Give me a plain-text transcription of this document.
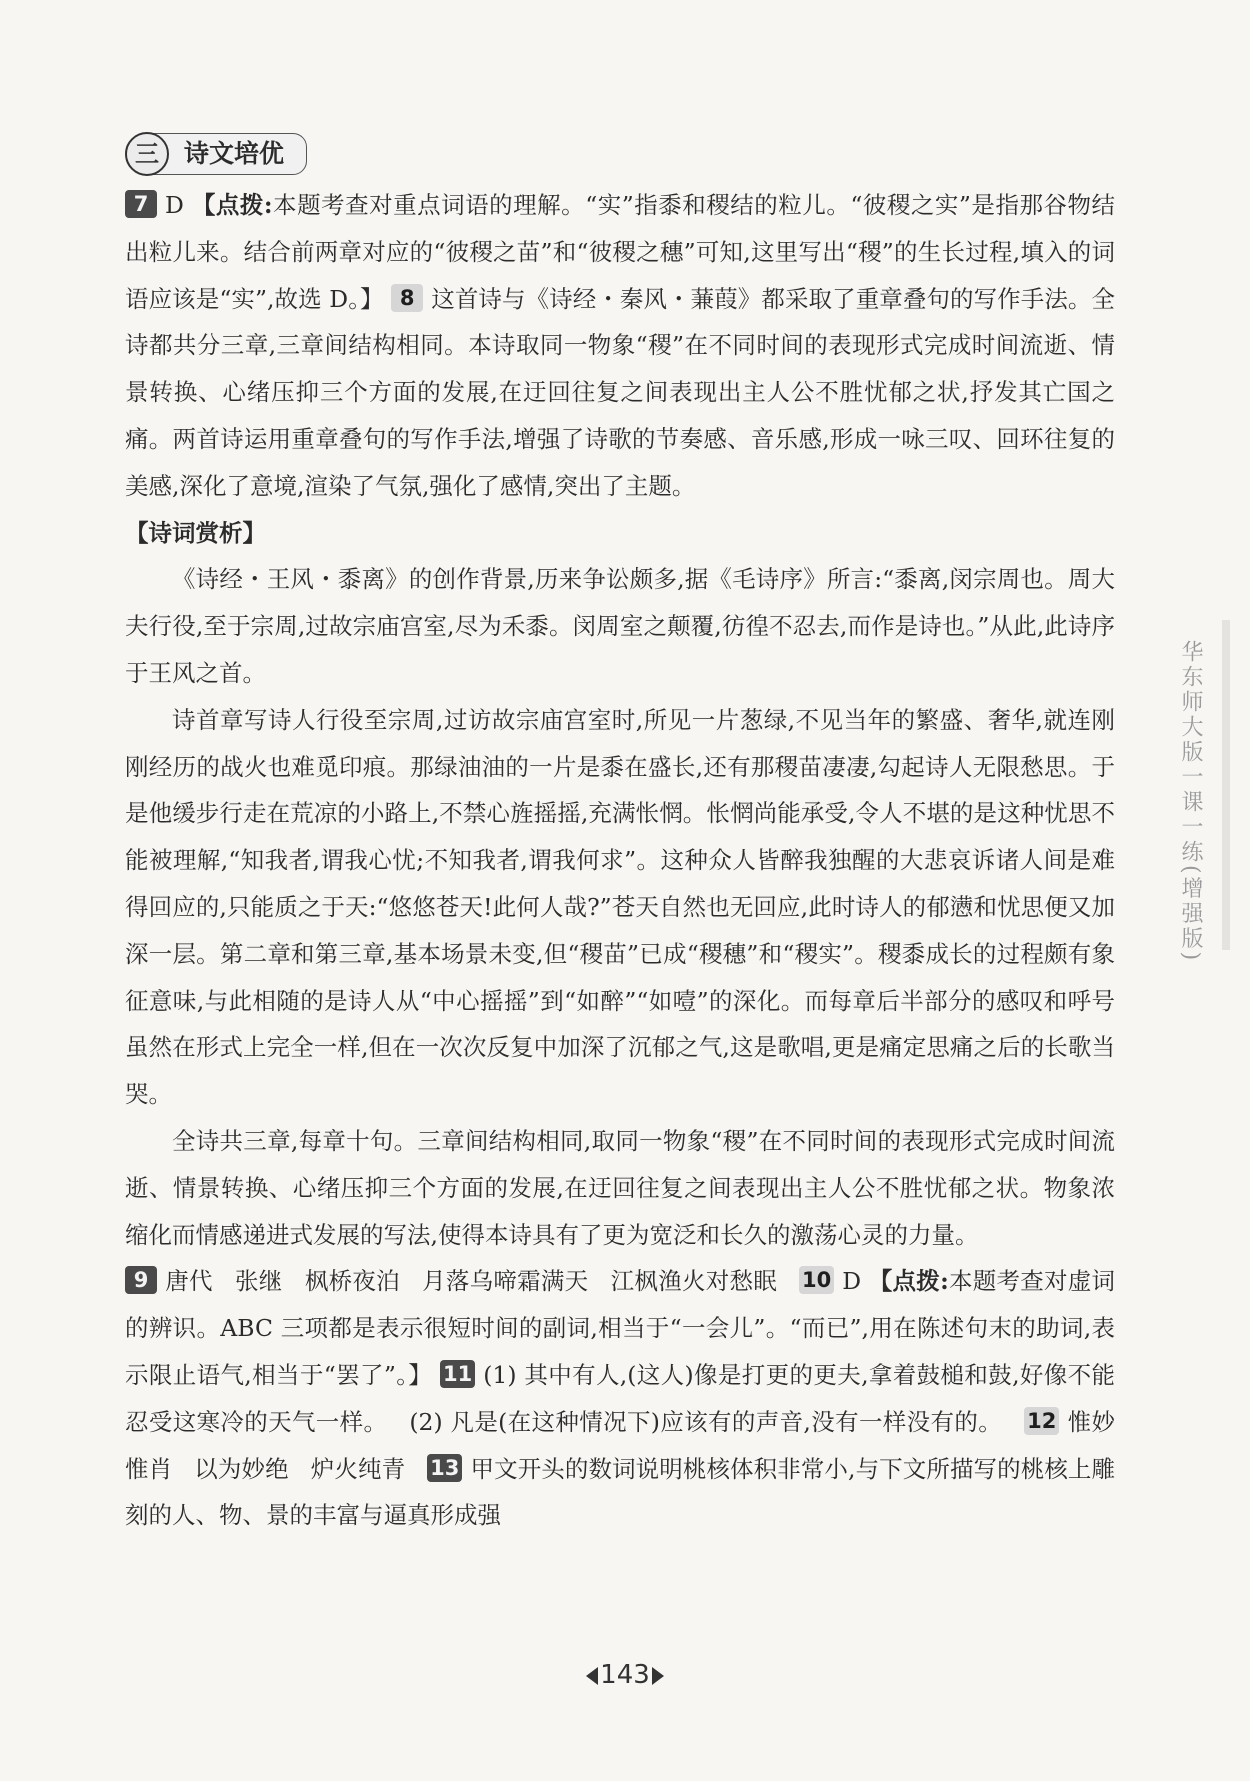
三	诗文培优

7 D 【点拨:本题考查对重点词语的理解。“实”指黍和稷结的粒儿。“彼稷之实”是指那谷物结出粒儿来。结合前两章对应的“彼稷之苗”和“彼稷之穗”可知,这里写出“稷”的生长过程,填入的词语应该是“实”,故选 D。】 8 这首诗与《诗经・秦风・蒹葭》都采取了重章叠句的写作手法。全诗都共分三章,三章间结构相同。本诗取同一物象“稷”在不同时间的表现形式完成时间流逝、情景转换、心绪压抑三个方面的发展,在迂回往复之间表现出主人公不胜忧郁之状,抒发其亡国之痛。两首诗运用重章叠句的写作手法,增强了诗歌的节奏感、音乐感,形成一咏三叹、回环往复的美感,深化了意境,渲染了气氛,强化了感情,突出了主题。

【诗词赏析】

《诗经・王风・黍离》的创作背景,历来争讼颇多,据《毛诗序》所言:“黍离,闵宗周也。周大夫行役,至于宗周,过故宗庙宫室,尽为禾黍。闵周室之颠覆,彷徨不忍去,而作是诗也。”从此,此诗序于王风之首。

诗首章写诗人行役至宗周,过访故宗庙宫室时,所见一片葱绿,不见当年的繁盛、奢华,就连刚刚经历的战火也难觅印痕。那绿油油的一片是黍在盛长,还有那稷苗凄凄,勾起诗人无限愁思。于是他缓步行走在荒凉的小路上,不禁心旌摇摇,充满怅惘。怅惘尚能承受,令人不堪的是这种忧思不能被理解,“知我者,谓我心忧;不知我者,谓我何求”。这种众人皆醉我独醒的大悲哀诉诸人间是难得回应的,只能质之于天:“悠悠苍天!此何人哉?”苍天自然也无回应,此时诗人的郁懑和忧思便又加深一层。第二章和第三章,基本场景未变,但“稷苗”已成“稷穗”和“稷实”。稷黍成长的过程颇有象征意味,与此相随的是诗人从“中心摇摇”到“如醉”“如噎”的深化。而每章后半部分的感叹和呼号虽然在形式上完全一样,但在一次次反复中加深了沉郁之气,这是歌唱,更是痛定思痛之后的长歌当哭。

全诗共三章,每章十句。三章间结构相同,取同一物象“稷”在不同时间的表现形式完成时间流逝、情景转换、心绪压抑三个方面的发展,在迂回往复之间表现出主人公不胜忧郁之状。物象浓缩化而情感递进式发展的写法,使得本诗具有了更为宽泛和长久的激荡心灵的力量。

9 唐代 张继 枫桥夜泊 月落乌啼霜满天 江枫渔火对愁眠 10 D 【点拨:本题考查对虚词的辨识。ABC 三项都是表示很短时间的副词,相当于“一会儿”。“而已”,用在陈述句末的助词,表示限止语气,相当于“罢了”。】 11 (1) 其中有人,(这人)像是打更的更夫,拿着鼓槌和鼓,好像不能忍受这寒冷的天气一样。 (2) 凡是(在这种情况下)应该有的声音,没有一样没有的。 12 惟妙惟肖 以为妙绝 炉火纯青 13 甲文开头的数词说明桃核体积非常小,与下文所描写的桃核上雕刻的人、物、景的丰富与逼真形成强

华东师大版一课一练(增强版)
143
